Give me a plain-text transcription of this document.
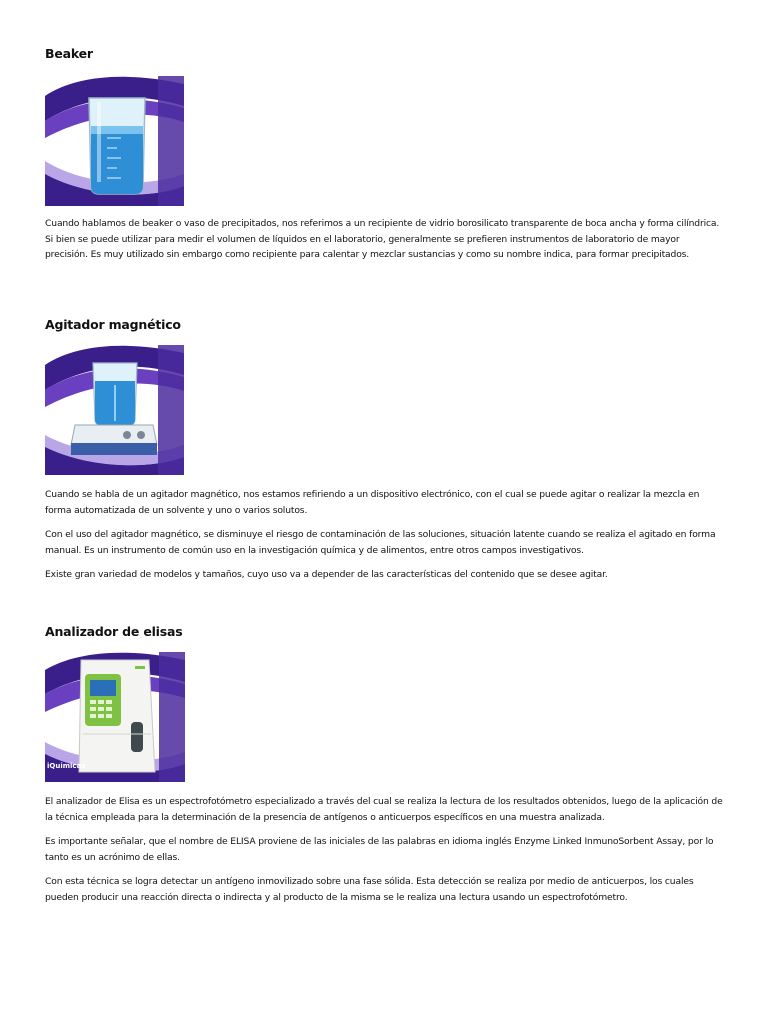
Beaker

Cuando hablamos de beaker o vaso de precipitados, nos referimos a un recipiente de vidrio borosilicato transparente de boca ancha y forma cilíndrica. Si bien se puede utilizar para medir el volumen de líquidos en el laboratorio, generalmente se prefieren instrumentos de laboratorio de mayor precisión. Es muy utilizado sin embargo como recipiente para calentar y mezclar sustancias y como su nombre indica, para formar precipitados.

Agitador magnético

Cuando se habla de un agitador magnético, nos estamos refiriendo a un dispositivo electrónico, con el cual se puede agitar o realizar la mezcla en forma automatizada de un solvente y uno o varios solutos.

Con el uso del agitador magnético, se disminuye el riesgo de contaminación de las soluciones, situación latente cuando se realiza el agitado en forma manual. Es un instrumento de común uso en la investigación química y de alimentos, entre otros campos investigativos.

Existe gran variedad de modelos y tamaños, cuyo uso va a depender de las características del contenido que se desee agitar.

Analizador de elisas
iQuimicas

El analizador de Elisa es un espectrofotómetro especializado a través del cual se realiza la lectura de los resultados obtenidos, luego de la aplicación de la técnica empleada para la determinación de la presencia de antígenos o anticuerpos específicos en una muestra analizada.

Es importante señalar, que el nombre de ELISA proviene de las iniciales de las palabras en idioma inglés Enzyme Linked InmunoSorbent Assay, por lo tanto es un acrónimo de ellas.

Con esta técnica se logra detectar un antígeno inmovilizado sobre una fase sólida. Esta detección se realiza por medio de anticuerpos, los cuales pueden producir una reacción directa o indirecta y al producto de la misma se le realiza una lectura usando un espectrofotómetro.
